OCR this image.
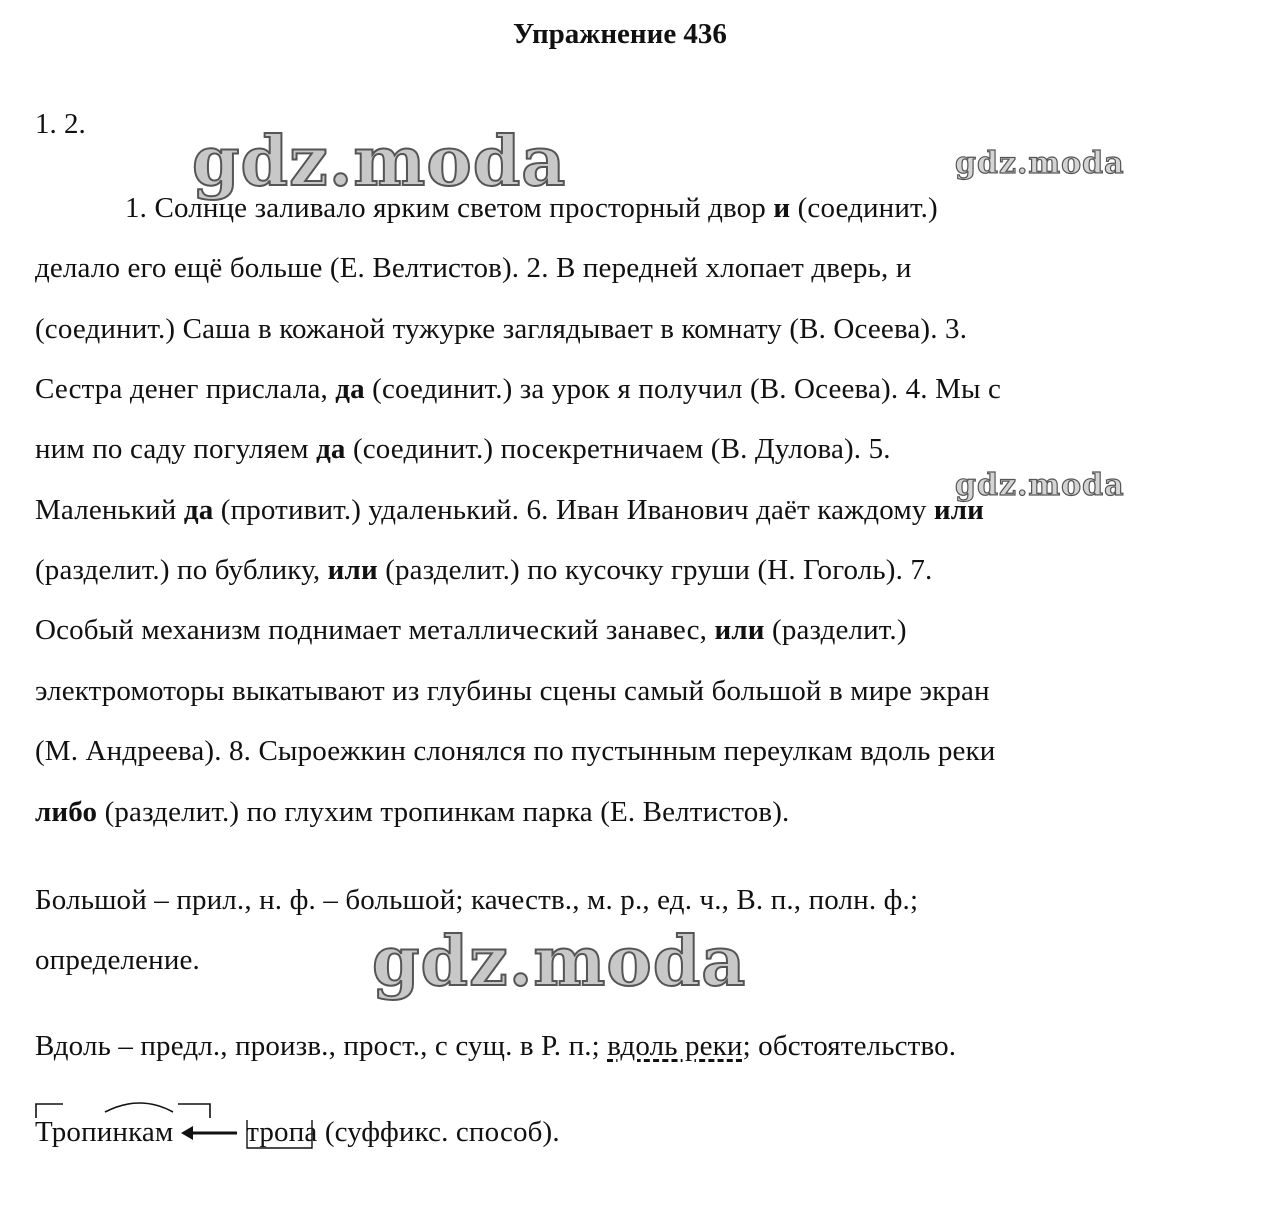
Упражнение 436
1. 2. gdz.moda	gdz.moda
gdz.moda
gdz.moda
1. Солнце заливало ярким светом просторный двор и (соединит.)
делало его ещё больше (Е. Велтистов). 2. В передней хлопает дверь, и
(соединит.) Саша в кожаной тужурке заглядывает в комнату (В. Осеева). 3.
Сестра денег прислала, да (соединит.) за урок я получил (В. Осеева). 4. Мы с
ним по саду погуляем да (соединит.) посекретничаем (В. Дулова). 5.
Маленький да (противит.) удаленький. 6. Иван Иванович даёт каждому или
(разделит.) по бублику, или (разделит.) по кусочку груши (Н. Гоголь). 7.
Особый механизм поднимает металлический занавес, или (разделит.)
электромоторы выкатывают из глубины сцены самый большой в мире экран
(М. Андреева). 8. Сыроежкин слонялся по пустынным переулкам вдоль реки
либо (разделит.) по глухим тропинкам парка (Е. Велтистов).
Большой – прил., н. ф. – большой; качеств., м. р., ед. ч., В. п., полн. ф.;
определение.
Вдоль – предл., произв., прост., с сущ. в Р. п.; вдоль реки; обстоятельство.
Тропинкам	тропа (суффикс. способ).
